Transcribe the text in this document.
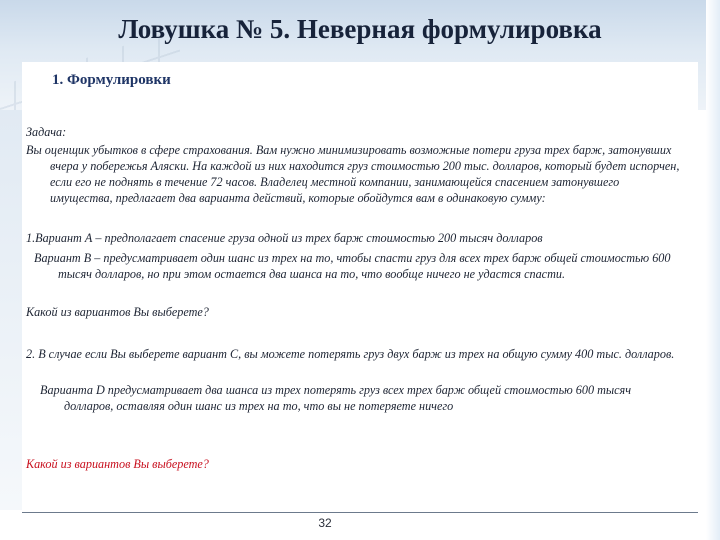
Ловушка № 5. Неверная формулировка
1. Формулировки

Задача:

Вы оценщик убытков в сфере страхования. Вам нужно минимизировать возможные потери груза трех барж, затонувших вчера у побережья Аляски. На каждой из них находится груз стоимостью 200 тыс. долларов, который будет испорчен, если его не поднять в течение 72 часов. Владелец местной компании, занимающейся спасением затонувшего имущества, предлагает два варианта действий, которые обойдутся вам в одинаковую сумму:

1.Вариант А – предполагает спасение груза одной из трех барж стоимостью 200 тысяч долларов

Вариант В – предусматривает один шанс из трех на то, чтобы спасти груз для всех трех барж общей стоимостью 600 тысяч долларов, но при этом остается два шанса на то, что вообще ничего не удастся спасти.

Какой из вариантов Вы выберете?

2. В случае если Вы выберете вариант С, вы можете потерять груз двух барж из трех на общую сумму 400 тыс. долларов.

Варианта D предусматривает два шанса из трех потерять груз всех трех барж общей стоимостью 600 тысяч долларов, оставляя один шанс из трех на то, что вы не потеряете ничего

Какой из вариантов Вы выберете?

32
